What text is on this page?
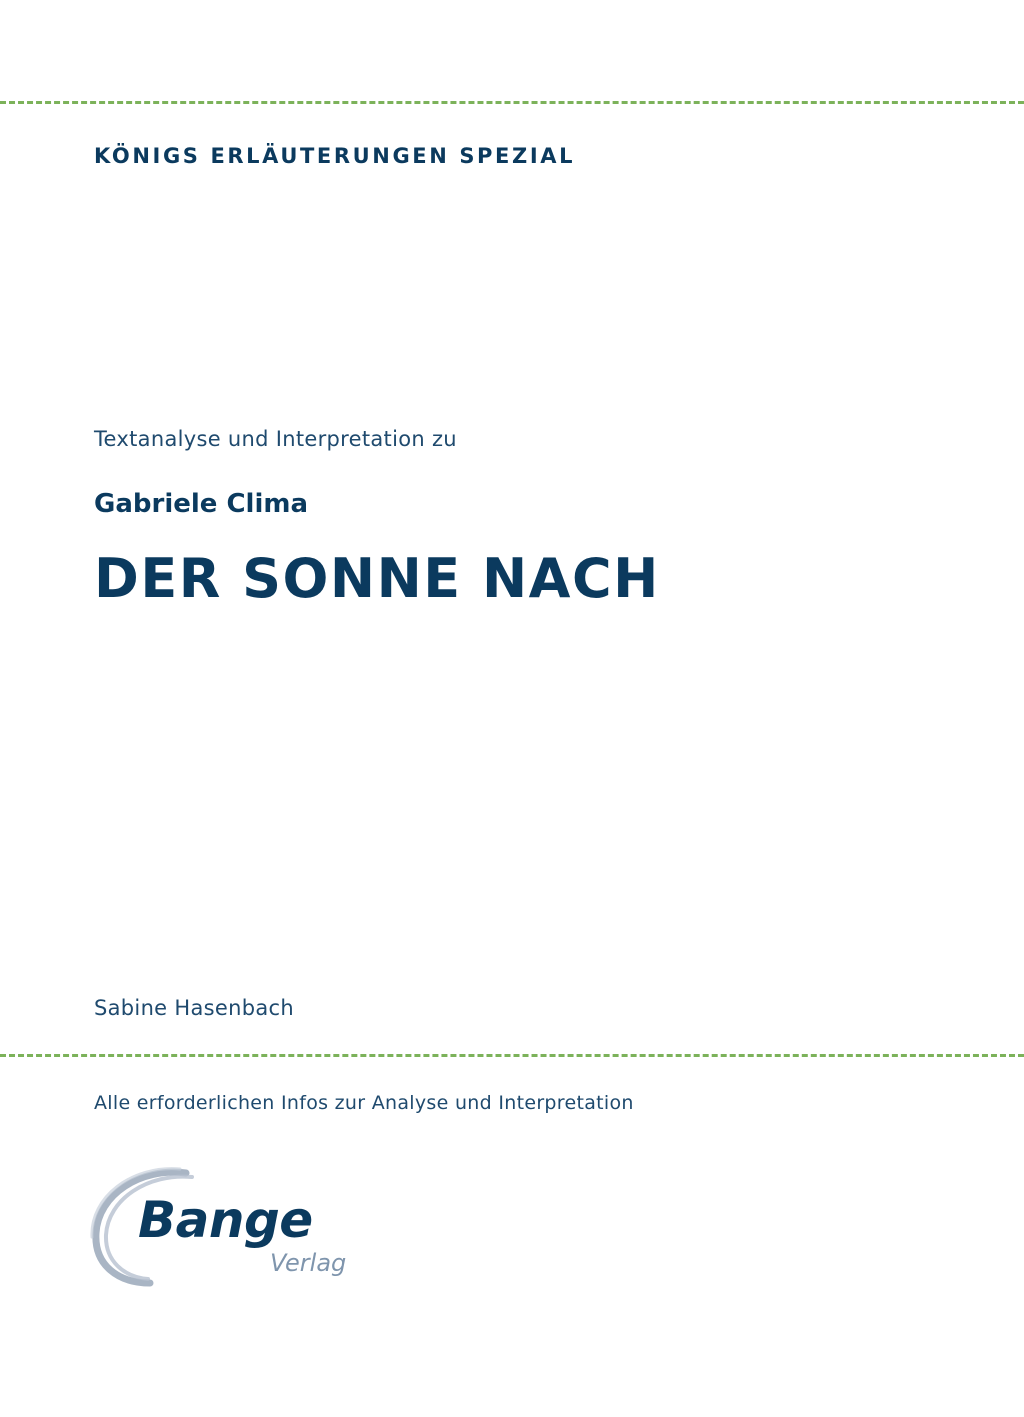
KÖNIGS ERLÄUTERUNGEN SPEZIAL
Textanalyse und Interpretation zu
Gabriele Clima
DER SONNE NACH
Sabine Hasenbach
Alle erforderlichen Infos zur Analyse und Interpretation
Bange
Verlag
